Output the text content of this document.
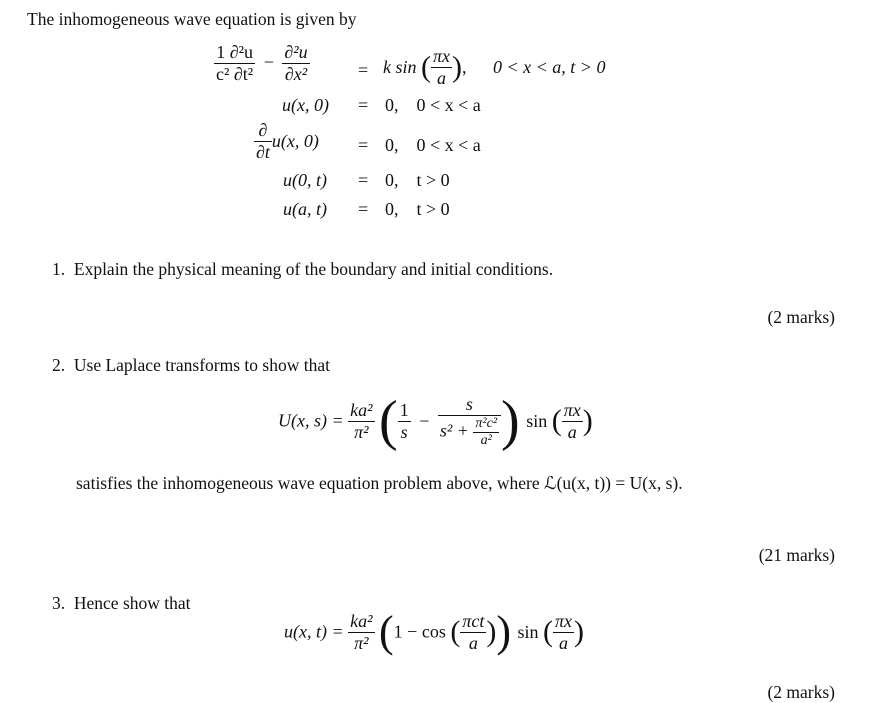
The inhomogeneous wave equation is given by
$\frac{\text{1 ∂²u}}{\text{c² ∂t²}} - \frac{\text{∂²u}}{\text{∂x²}}$	= k sin ( $\frac{\pi x}{a}$ ), 0 < x < a, t > 0
u(x, 0) = 0,    0 < x < a
$\frac{\partial}{\partial t} u(x$, 0) = 0,    0 < x < a
u(0, t) = 0,    t > 0
u(a, t) = 0,    t > 0
1. Explain the physical meaning of the boundary and initial conditions.
(2 marks)
2. Use Laplace transforms to show that
U(x, $s) = \frac{\text{ka²}}{\text{π²}}$ ( $\frac{1}{s} - \frac{s}{s^2 + \frac{\text{π²c²}}{\text{a²}}}$ ) sin ( $\frac{\pi x}{a}$ )
satisfies the inhomogeneous wave equation problem above, where ℒ(u(x, t)) = U(x, s).
(21 marks)
3. Hence show that
u(x, $t) = \frac{\text{ka²}}{\text{π²}} (1 - \cos$ ( $\frac{\text{πct}}{a}$ )) sin ( $\frac{\pi x}{a}$ )
(2 marks)
